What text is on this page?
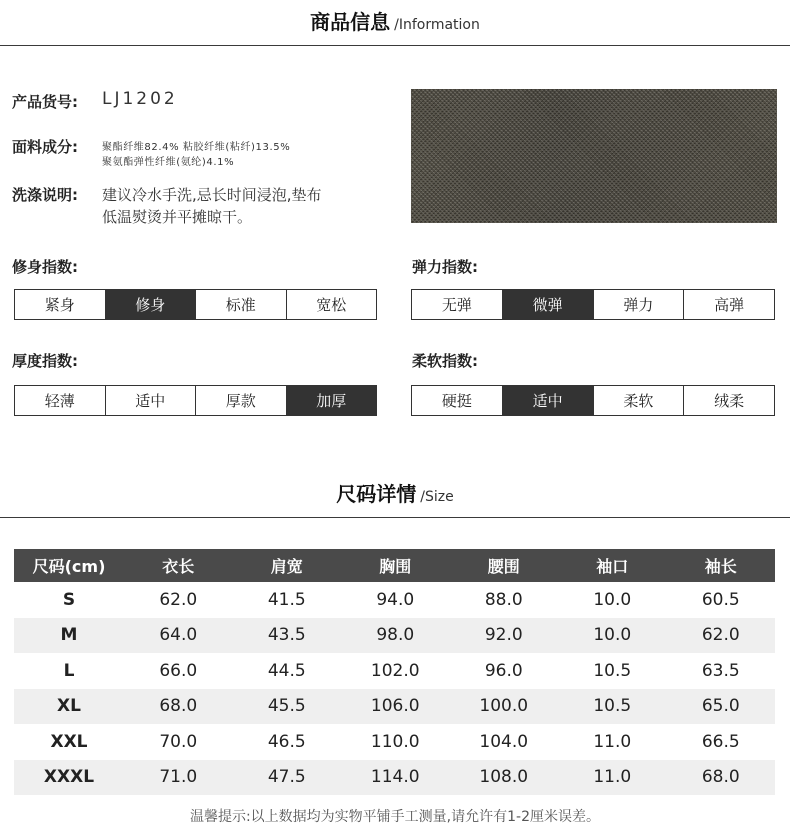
商品信息 /Information
产品货号: LJ1202
面料成分: 聚酯纤维82.4% 粘胶纤维(粘纤)13.5%
聚氨酯弹性纤维(氨纶)4.1%
洗涤说明: 建议冷水手洗,忌长时间浸泡,垫布
低温熨烫并平摊晾干。
修身指数:
紧身	修身	标准	宽松
弹力指数:
无弹	微弹	弹力	高弹
厚度指数:
轻薄	适中	厚款	加厚
柔软指数:
硬挺	适中	柔软	绒柔
尺码详情 /Size
尺码(cm)	衣长	肩宽	胸围	腰围	袖口	袖长
S	62.0	41.5	94.0	88.0	10.0	60.5
M	64.0	43.5	98.0	92.0	10.0	62.0
L	66.0	44.5	102.0	96.0	10.5	63.5
XL	68.0	45.5	106.0	100.0	10.5	65.0
XXL	70.0	46.5	110.0	104.0	11.0	66.5
XXXL	71.0	47.5	114.0	108.0	11.0	68.0
温馨提示:以上数据均为实物平铺手工测量,请允许有1-2厘米误差。
